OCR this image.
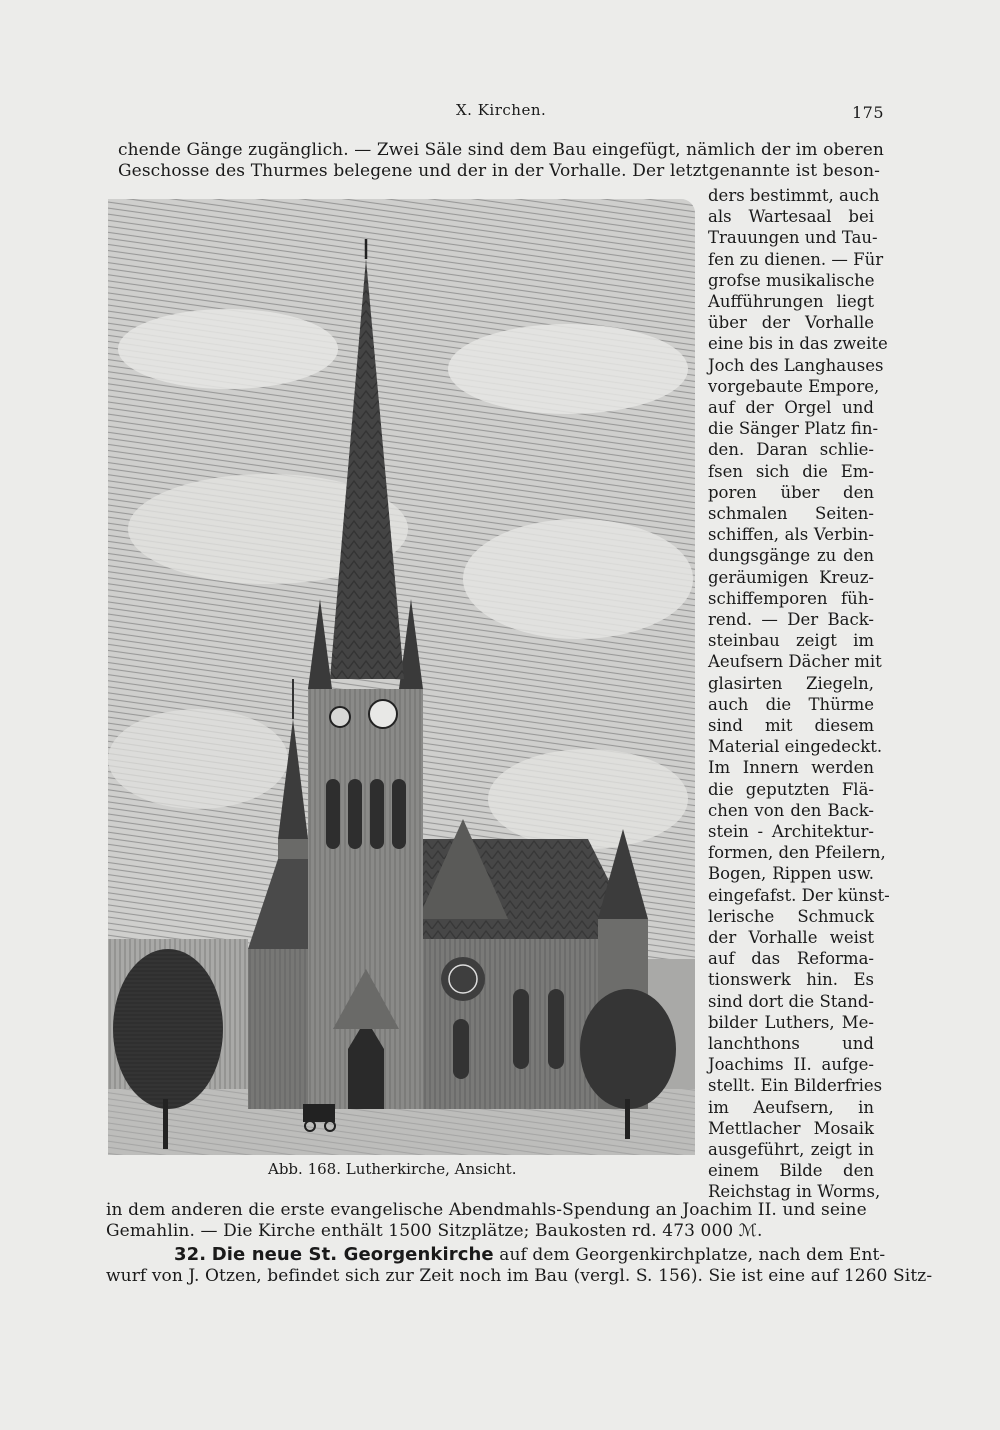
X. Kirchen.	175
chende Gänge zugänglich. — Zwei Säle sind dem Bau eingefügt, nämlich der im oberen
Geschosse des Thurmes belegene und der in der Vorhalle. Der letztgenannte ist beson-
ders bestimmt, auch
als Wartesaal bei
Trauungen und Tau-
fen zu dienen. — Für
grofse musikalische
Aufführungen liegt
über der Vorhalle
eine bis in das zweite
Joch des Langhauses
vorgebaute Empore,
auf der Orgel und
die Sänger Platz fin-
den. Daran schlie-
fsen sich die Em-
poren über den
schmalen Seiten-
schiffen, als Verbin-
dungsgänge zu den
geräumigen Kreuz-
schiffemporen füh-
rend. — Der Back-
steinbau zeigt im
Aeufsern Dächer mit
glasirten Ziegeln,
auch die Thürme
sind mit diesem
Material eingedeckt.
Im Innern werden
die geputzten Flä-
chen von den Back-
stein - Architektur-
formen, den Pfeilern,
Bogen, Rippen usw.
eingefafst. Der künst-
lerische Schmuck
der Vorhalle weist
auf das Reforma-
tionswerk hin. Es
sind dort die Stand-
bilder Luthers, Me-
lanchthons und
Joachims II. aufge-
stellt. Ein Bilderfries
im Aeufsern, in
Mettlacher Mosaik
ausgeführt, zeigt in
einem Bilde den
Reichstag in Worms,
Abb. 168. Lutherkirche, Ansicht.
in dem anderen die erste evangelische Abendmahls-Spendung an Joachim II. und seine
Gemahlin. — Die Kirche enthält 1500 Sitzplätze; Baukosten rd. 473 000 ℳ.
32. Die neue St. Georgenkirche auf dem Georgenkirchplatze, nach dem Ent-
wurf von J. Otzen, befindet sich zur Zeit noch im Bau (vergl. S. 156). Sie ist eine auf 1260 Sitz-
